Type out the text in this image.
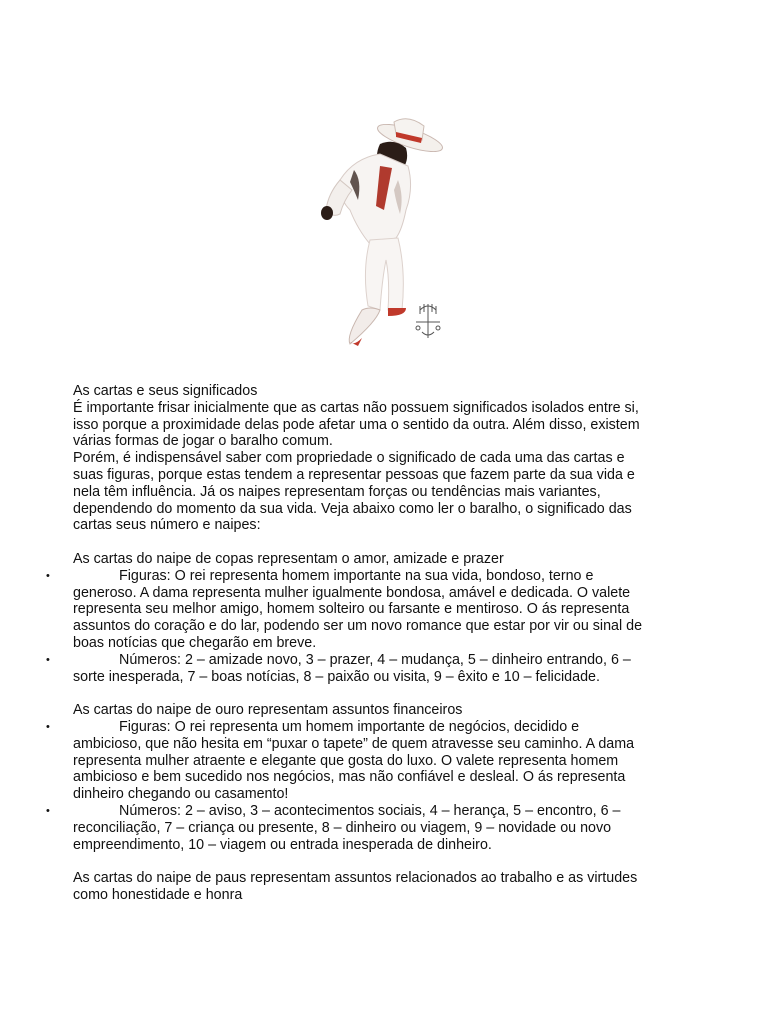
As cartas e seus significados
É importante frisar inicialmente que as cartas não possuem significados isolados entre si,
isso porque a proximidade delas pode afetar uma o sentido da outra. Além disso, existem
várias formas de jogar o baralho comum.
Porém, é indispensável saber com propriedade o significado de cada uma das cartas e
suas figuras, porque estas tendem a representar pessoas que fazem parte da sua vida e
nela têm influência. Já os naipes representam forças ou tendências mais variantes,
dependendo do momento da sua vida. Veja abaixo como ler o baralho, o significado das
cartas seus número e naipes:
As cartas do naipe de copas representam o amor, amizade e prazer
•	Figuras: O rei representa homem importante na sua vida, bondoso, terno e
generoso. A dama representa mulher igualmente bondosa, amável e dedicada. O valete
representa seu melhor amigo, homem solteiro ou farsante e mentiroso. O ás representa
assuntos do coração e do lar, podendo ser um novo romance que estar por vir ou sinal de
boas notícias que chegarão em breve.
•	Números: 2 – amizade novo, 3 – prazer, 4 – mudança, 5 – dinheiro entrando, 6 –
sorte inesperada, 7 – boas notícias, 8 – paixão ou visita, 9 – êxito e 10 – felicidade.
As cartas do naipe de ouro representam assuntos financeiros
•	Figuras: O rei representa um homem importante de negócios, decidido e
ambicioso, que não hesita em “puxar o tapete” de quem atravesse seu caminho. A dama
representa mulher atraente e elegante que gosta do luxo. O valete representa homem
ambicioso e bem sucedido nos negócios, mas não confiável e desleal. O ás representa
dinheiro chegando ou casamento!
•	Números: 2 – aviso, 3 – acontecimentos sociais, 4 – herança, 5 – encontro, 6 –
reconciliação, 7 – criança ou presente, 8 – dinheiro ou viagem, 9 – novidade ou novo
empreendimento, 10 – viagem ou entrada inesperada de dinheiro.
As cartas do naipe de paus representam assuntos relacionados ao trabalho e as virtudes
como honestidade e honra
